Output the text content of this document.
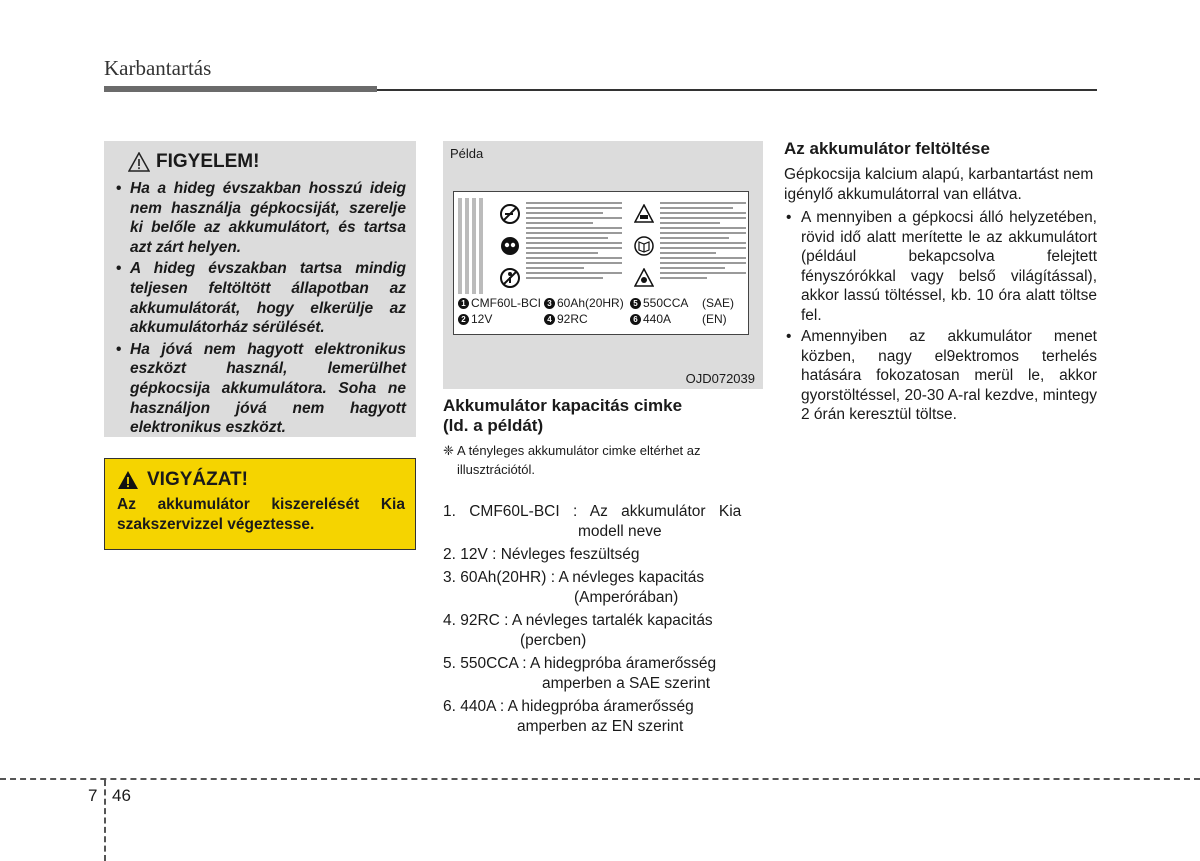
Karbantartás
FIGYELEM!
• Ha a hideg évszakban hosszú ideig nem használja gépkocsiját, szerelje ki belőle az akkumulátort, és tartsa azt zárt helyen.
• A hideg évszakban tartsa mindig teljesen feltöltött állapotban az akkumulátorát, hogy elkerülje az akkumulátorház sérülését.
• Ha jóvá nem hagyott elektronikus eszközt használ, lemerülhet gépkocsija akkumulátora. Soha ne használjon jóvá nem hagyott elektronikus eszközt.
VIGYÁZAT!
Az akkumulátor kiszerelését Kia szakszervizzel végeztesse.
Példa
1 CMF60L-BCI 3 60Ah(20HR)	5 550CCA (SAE)
2 12V	4 92RC	6 440A	(EN)
OJD072039
Akkumulátor kapacitás cimke
(ld. a példát)
❈ A tényleges akkumulátor cimke eltérhet az illusztrációtól.
1. CMF60L-BCI : Az akkumulátor Kia
modell neve
2. 12V : Névleges feszültség
3. 60Ah(20HR) : A névleges kapacitás
(Amperórában)
4. 92RC : A névleges tartalék kapacitás
(percben)
5. 550CCA : A hidegpróba áramerősség
amperben a SAE szerint
6. 440A : A hidegpróba áramerősség
amperben az EN szerint
Az akkumulátor feltöltése
Gépkocsija kalcium alapú, karbantartást nem igénylő akkumulátorral van ellátva.
• A mennyiben a gépkocsi álló helyzetében, rövid idő alatt merítette le az akkumulátort (például bekapcsolva felejtett fényszórókkal vagy belső világítással), akkor lassú töltéssel, kb. 10 óra alatt töltse fel.
• Amennyiben az akkumulátor menet közben, nagy el9ektromos terhelés hatására fokozatosan merül le, akkor gyorstöltéssel, 20-30 A-ral kezdve, mintegy 2 órán keresztül töltse.
7 46
